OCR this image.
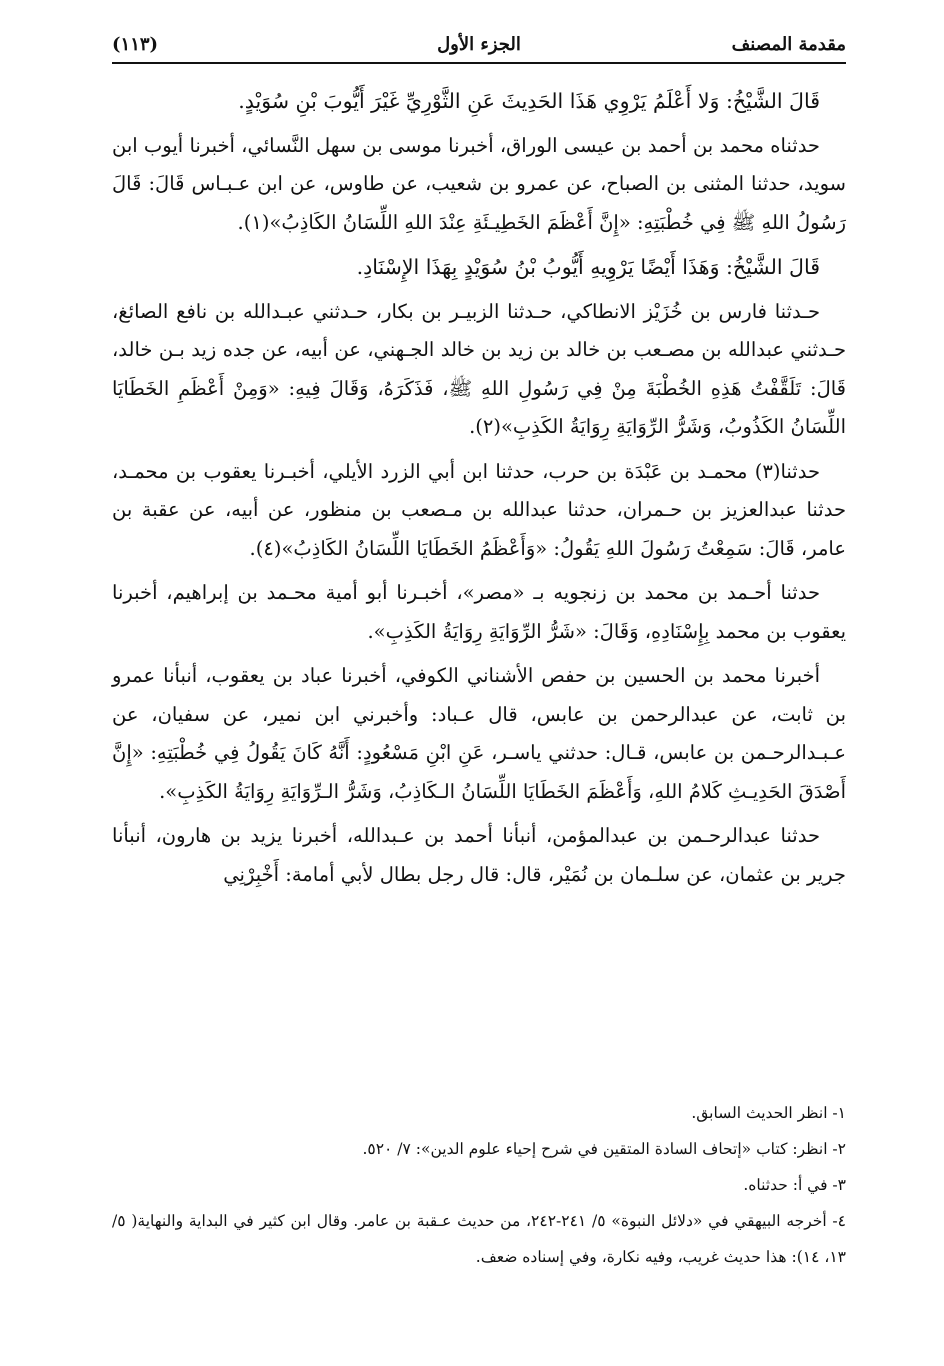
مقدمة المصنف
الجزء الأول
(١١٣)

قَالَ الشَّيْخُ: وَلا أَعْلَمُ يَرْوِي هَذَا الحَدِيثَ عَنِ الثَّوْرِيِّ غَيْرَ أَيُّوبَ بْنِ سُوَيْدٍ.

حدثناه محمد بن أحمد بن عيسى الوراق، أخبرنا موسى بن سهل النَّسائي، أخبرنا أيوب ابن سويد، حدثنا المثنى بن الصباح، عن عمرو بن شعيب، عن طاوس، عن ابن عـبـاس قَالَ: قَالَ رَسُولُ اللهِ ﷺ فِي خُطْبَتِهِ: «إِنَّ أَعْظَمَ الخَطِيـئَةِ عِنْدَ اللهِ اللِّسَانُ الكَاذِبُ»(١).

قَالَ الشَّيْخُ: وَهَذَا أَيْضًا يَرْوِيهِ أَيُّوبُ بْنُ سُوَيْدٍ بِهَذَا الإِسْنَادِ.

حـدثنا فارس بن خُزَيْز الانطاكي، حـدثنا الزبيـر بن بكار، حـدثني عبـدالله بن نافع الصائغ، حـدثني عبدالله بن مصـعب بن خالد بن زيد بن خالد الجـهني، عن أبيه، عن جده زيد بـن خالد، قَالَ: تَلَقَّفْتُ هَذِهِ الخُطْبَةَ مِنْ فِي رَسُولِ اللهِ ﷺ، فَذَكَرَهُ، وَقَالَ فِيهِ: «وَمِنْ أَعْظَمِ الخَطَايَا اللِّسَانُ الكَذُوبُ، وَشَرُّ الرِّوَايَةِ رِوَايَةُ الكَذِبِ»(٢).

حدثنا(٣) محمـد بن عَبْدَة بن حرب، حدثنا ابن أبي الزرد الأيلي، أخبـرنا يعقوب بن محمـد، حدثنا عبدالعزيز بن حـمران، حدثنا عبدالله بن مـصعب بن منظور، عن أبيه، عن عقبة بن عامر، قَالَ: سَمِعْتُ رَسُولَ اللهِ يَقُولُ: «وَأَعْظَمُ الخَطَايَا اللِّسَانُ الكَاذِبُ»(٤).

حدثنا أحـمد بن محمد بن زنجويه بـ «مصر»، أخبـرنا أبو أمية محـمد بن إبراهيم، أخبرنا يعقوب بن محمد بِإِسْنَادِهِ، وَقَالَ: «شَرُّ الرِّوَايَةِ رِوَايَةُ الكَذِبِ».

أخبرنا محمد بن الحسين بن حفص الأشناني الكوفي، أخبرنا عباد بن يعقوب، أنبأنا عمرو بن ثابت، عن عبدالرحمن بن عابس، قال عـباد: وأخبرني ابن نمير، عن سفيان، عن عـبـدالرحـمن بن عابس، قـال: حدثني ياسـر، عَنِ ابْنِ مَسْعُودٍ: أَنَّهُ كَانَ يَقُولُ فِي خُطْبَتِهِ: «إِنَّ أَصْدَقَ الحَدِيـثِ كَلامُ اللهِ، وَأَعْظَمَ الخَطَايَا اللِّسَانُ الـكَاذِبُ، وَشَرُّ الـرِّوَايَةِ رِوَايَةُ الكَذِبِ».

حدثنا عبدالرحـمن بن عبدالمؤمن، أنبأنا أحمد بن عـبدالله، أخبرنا يزيد بن هارون، أنبأنا جرير بن عثمان، عن سلـمان بن نُمَيْر، قال: قال رجل بطال لأبي أمامة: أَخْبِرْنِي

١- انظر الحديث السابق.

٢- انظر: كتاب «إتحاف السادة المتقين في شرح إحياء علوم الدين»: ٧/ ٥٢٠.

٣- في أ: حدثناه.

٤- أخرجه البيهقي في «دلائل النبوة» ٥/ ٢٤١-٢٤٢، من حديث عـقبة بن عامر. وقال ابن كثير في البداية والنهاية( ٥/ ١٣، ١٤): هذا حديث غريب، وفيه نكارة، وفي إسناده ضعف.
